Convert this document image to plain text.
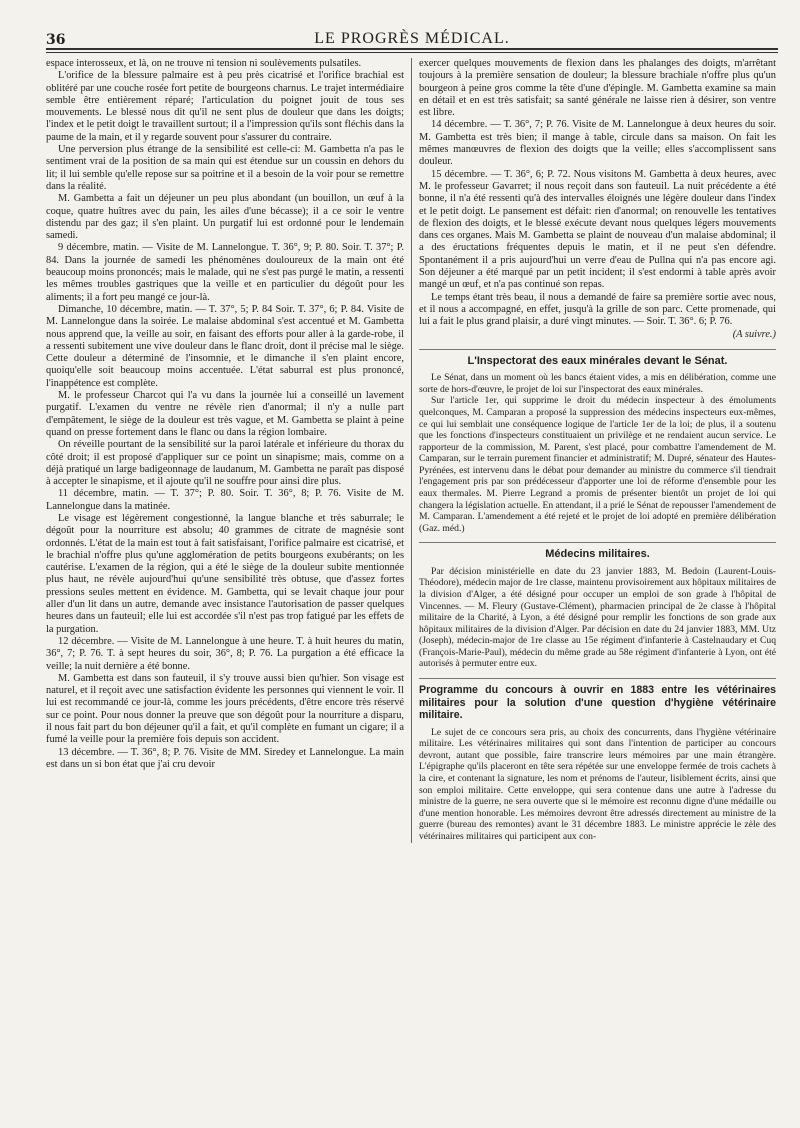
36	LE PROGRÈS MÉDICAL.

espace interosseux, et là, on ne trouve ni tension ni soulèvements pulsatiles.

L'orifice de la blessure palmaire est à peu près cicatrisé et l'orifice brachial est oblitéré par une couche rosée fort petite de bourgeons charnus. Le trajet intermédiaire semble être entièrement réparé; l'articulation du poignet jouit de tous ses mouvements. Le blessé nous dit qu'il ne sent plus de douleur que dans les doigts; l'index et le petit doigt le travaillent surtout; il a l'impression qu'ils sont fléchis dans la paume de la main, et il y regarde souvent pour s'assurer du contraire.

Une perversion plus étrange de la sensibilité est celle-ci: M. Gambetta n'a pas le sentiment vrai de la position de sa main qui est étendue sur un coussin en dehors du lit; il lui semble qu'elle repose sur sa poitrine et il a besoin de la voir pour se remettre dans la réalité.

M. Gambetta a fait un déjeuner un peu plus abondant (un bouillon, un œuf à la coque, quatre huîtres avec du pain, les ailes d'une bécasse); il a ce soir le ventre distendu par des gaz; il s'en plaint. Un purgatif lui est ordonné pour le lendemain samedi.

9 décembre, matin. — Visite de M. Lannelongue. T. 36°, 9; P. 80. Soir. T. 37°; P. 84. Dans la journée de samedi les phénomènes douloureux de la main ont été beaucoup moins prononcés; mais le malade, qui ne s'est pas purgé le matin, a ressenti les mêmes troubles gastriques que la veille et en particulier du dégoût pour les aliments; il a fort peu mangé ce jour-là.

Dimanche, 10 décembre, matin. — T. 37°, 5; P. 84 Soir. T. 37°, 6; P. 84. Visite de M. Lannelongue dans la soirée. Le malaise abdominal s'est accentué et M. Gambetta nous apprend que, la veille au soir, en faisant des efforts pour aller à la garde-robe, il a ressenti subitement une vive douleur dans le flanc droit, dont il précise mal le siège. Cette douleur a déterminé de l'insomnie, et le dimanche il s'en plaint encore, quoiqu'elle soit beaucoup moins accentuée. L'état saburral est plus prononcé, l'inappétence est complète.

M. le professeur Charcot qui l'a vu dans la journée lui a conseillé un lavement purgatif. L'examen du ventre ne révèle rien d'anormal; il n'y a nulle part d'empâtement, le siège de la douleur est très vague, et M. Gambetta se plaint à peine quand on presse fortement dans le flanc ou dans la région lombaire.

On réveille pourtant de la sensibilité sur la paroi latérale et inférieure du thorax du côté droit; il est proposé d'appliquer sur ce point un sinapisme; mais, comme on a déjà pratiqué un large badigeonnage de laudanum, M. Gambetta ne paraît pas disposé à accepter le sinapisme, et il ajoute qu'il ne souffre pour ainsi dire plus.

11 décembre, matin. — T. 37°; P. 80. Soir. T. 36°, 8; P. 76. Visite de M. Lannelongue dans la matinée.

Le visage est légèrement congestionné, la langue blanche et très saburrale; le dégoût pour la nourriture est absolu; 40 grammes de citrate de magnésie sont ordonnés. L'état de la main est tout à fait satisfaisant, l'orifice palmaire est cicatrisé, et le brachial n'offre plus qu'une agglomération de petits bourgeons exubérants; on les cautérise. L'examen de la région, qui a été le siège de la douleur subite mentionnée plus haut, ne révèle aujourd'hui qu'une sensibilité très obtuse, que d'assez fortes pressions seules mettent en évidence. M. Gambetta, qui se levait chaque jour pour aller d'un lit dans un autre, demande avec insistance l'autorisation de passer quelques heures dans un fauteuil; elle lui est accordée s'il n'est pas trop fatigué par les effets de la purgation.

12 décembre. — Visite de M. Lannelongue à une heure. T. à huit heures du matin, 36°, 7; P. 76. T. à sept heures du soir, 36°, 8; P. 76. La purgation a été efficace la veille; la nuit dernière a été bonne.

M. Gambetta est dans son fauteuil, il s'y trouve aussi bien qu'hier. Son visage est naturel, et il reçoit avec une satisfaction évidente les personnes qui viennent le voir. Il lui est recommandé ce jour-là, comme les jours précédents, d'être encore très réservé sur ce point. Pour nous donner la preuve que son dégoût pour la nourriture a disparu, il nous fait part du bon déjeuner qu'il a fait, et qu'il complète en fumant un cigare; il a fumé la veille pour la première fois depuis son accident.

13 décembre. — T. 36°, 8; P. 76. Visite de MM. Siredey et Lannelongue. La main est dans un si bon état que j'ai cru devoir

exercer quelques mouvements de flexion dans les phalanges des doigts, m'arrêtant toujours à la première sensation de douleur; la blessure brachiale n'offre plus qu'un bourgeon à peine gros comme la tête d'une d'épingle. M. Gambetta examine sa main en détail et en est très satisfait; sa santé générale ne laisse rien à désirer, son ventre est libre.

14 décembre. — T. 36°, 7; P. 76. Visite de M. Lannelongue à deux heures du soir. M. Gambetta est très bien; il mange à table, circule dans sa maison. On fait les mêmes manœuvres de flexion des doigts que la veille; elles s'accomplissent sans douleur.

15 décembre. — T. 36°, 6; P. 72. Nous visitons M. Gambetta à deux heures, avec M. le professeur Gavarret; il nous reçoit dans son fauteuil. La nuit précédente a été bonne, il n'a été ressenti qu'à des intervalles éloignés une légère douleur dans l'index et le petit doigt. Le pansement est défait: rien d'anormal; on renouvelle les tentatives de flexion des doigts, et le blessé exécute devant nous quelques légers mouvements dans ces organes. Mais M. Gambetta se plaint de nouveau d'un malaise abdominal; il a des éructations fréquentes depuis le matin, et il ne peut s'en défendre. Spontanément il a pris aujourd'hui un verre d'eau de Pullna qui n'a pas encore agi. Son déjeuner a été marqué par un petit incident; il s'est endormi à table après avoir mangé un œuf, et n'a pas continué son repas.

Le temps étant très beau, il nous a demandé de faire sa première sortie avec nous, et il nous a accompagné, en effet, jusqu'à la grille de son parc. Cette promenade, qui lui a fait le plus grand plaisir, a duré vingt minutes. — Soir. T. 36°. 6; P. 76.

(A suivre.)
L'Inspectorat des eaux minérales devant le Sénat.

Le Sénat, dans un moment où les bancs étaient vides, a mis en délibération, comme une sorte de hors-d'œuvre, le projet de loi sur l'inspectorat des eaux minérales.

Sur l'article 1er, qui supprime le droit du médecin inspecteur à des émoluments quelconques, M. Camparan a proposé la suppression des médecins inspecteurs eux-mêmes, ce qui lui semblait une conséquence logique de l'article 1er de la loi; de plus, il a soutenu que les fonctions d'inspecteurs constituaient un privilège et ne rendaient aucun service. Le rapporteur de la commission, M. Parent, s'est placé, pour combattre l'amendement de M. Camparan, sur le terrain purement financier et administratif; M. Dupré, sénateur des Hautes-Pyrénées, est intervenu dans le débat pour demander au ministre du commerce s'il tiendrait l'engagement pris par son prédécesseur d'apporter une loi de réforme d'ensemble pour les eaux thermales. M. Pierre Legrand a promis de présenter bientôt un projet de loi qui changera la législation actuelle. En attendant, il a prié le Sénat de repousser l'amendement de M. Camparan. L'amendement a été rejeté et le projet de loi adopté en première délibération (Gaz. méd.)

Médecins militaires.

Par décision ministérielle en date du 23 janvier 1883, M. Bedoin (Laurent-Louis-Théodore), médecin major de 1re classe, maintenu provisoirement aux hôpitaux militaires de la division d'Alger, a été désigné pour occuper un emploi de son grade à l'hôpital de Vincennes. — M. Fleury (Gustave-Clément), pharmacien principal de 2e classe à l'hôpital militaire de la Charité, à Lyon, a été désigné pour remplir les fonctions de son grade aux hôpitaux militaires de la division d'Alger. Par décision en date du 24 janvier 1883, MM. Utz (Joseph), médecin-major de 1re classe au 15e régiment d'infanterie à Castelnaudary et Cuq (François-Marie-Paul), médecin du même grade au 58e régiment d'infanterie à Lyon, ont été autorisés à permuter entre eux.

Programme du concours à ouvrir en 1883 entre les vétérinaires militaires pour la solution d'une question d'hygiène vétérinaire militaire.

Le sujet de ce concours sera pris, au choix des concurrents, dans l'hygiène vétérinaire militaire. Les vétérinaires militaires qui sont dans l'intention de participer au concours devront, autant que possible, faire transcrire leurs mémoires par une main étrangère. L'épigraphe qu'ils placeront en tête sera répétée sur une enveloppe fermée de trois cachets à la cire, et contenant la signature, les nom et prénoms de l'auteur, lisiblement écrits, ainsi que son emploi militaire. Cette enveloppe, qui sera contenue dans une autre à l'adresse du ministre de la guerre, ne sera ouverte que si le mémoire est reconnu digne d'une médaille ou d'une mention honorable. Les mémoires devront être adressés directement au ministre de la guerre (bureau des remontes) avant le 31 décembre 1883. Le ministre apprécie le zèle des vétérinaires militaires qui participent aux con-
